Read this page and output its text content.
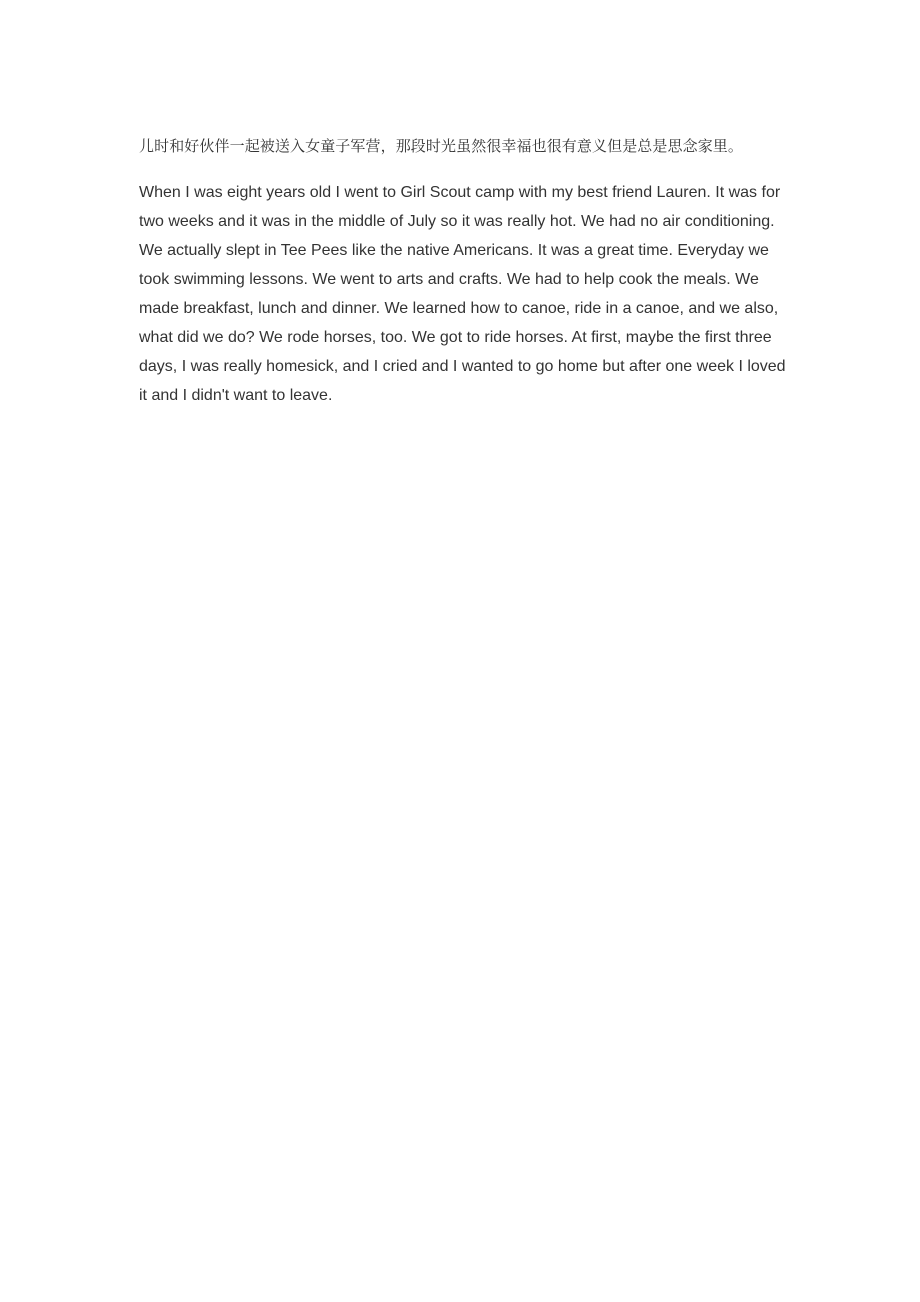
儿时和好伙伴一起被送入女童子军营，那段时光虽然很幸福也很有意义但是总是思念家里。

When I was eight years old I went to Girl Scout camp with my best friend Lauren. It was for two weeks and it was in the middle of July so it was really hot. We had no air conditioning. We actually slept in Tee Pees like the native Americans. It was a great time. Everyday we took swimming lessons. We went to arts and crafts. We had to help cook the meals. We made breakfast, lunch and dinner. We learned how to canoe, ride in a canoe, and we also, what did we do? We rode horses, too. We got to ride horses. At first, maybe the first three days, I was really homesick, and I cried and I wanted to go home but after one week I loved it and I didn't want to leave.
